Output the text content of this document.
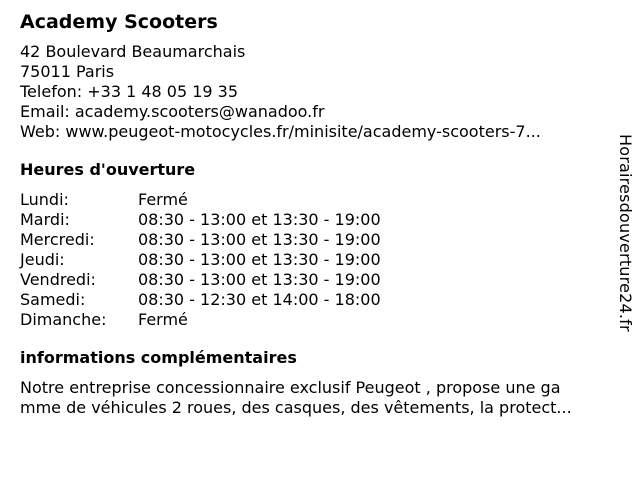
Academy Scooters
42 Boulevard Beaumarchais
75011 Paris
Telefon: +33 1 48 05 19 35
Email: academy.scooters@wanadoo.fr
Web: www.peugeot-motocycles.fr/minisite/academy-scooters-7...
Heures d'ouverture
Lundi:	Fermé
Mardi:	08:30 - 13:00 et 13:30 - 19:00
Mercredi:	08:30 - 13:00 et 13:30 - 19:00
Jeudi:	08:30 - 13:00 et 13:30 - 19:00
Vendredi:	08:30 - 13:00 et 13:30 - 19:00
Samedi:	08:30 - 12:30 et 14:00 - 18:00
Dimanche:	Fermé
informations complémentaires
Notre entreprise concessionnaire exclusif Peugeot , propose une ga
mme de véhicules 2 roues, des casques, des vêtements, la protect...
Horairesdouverture24.fr
